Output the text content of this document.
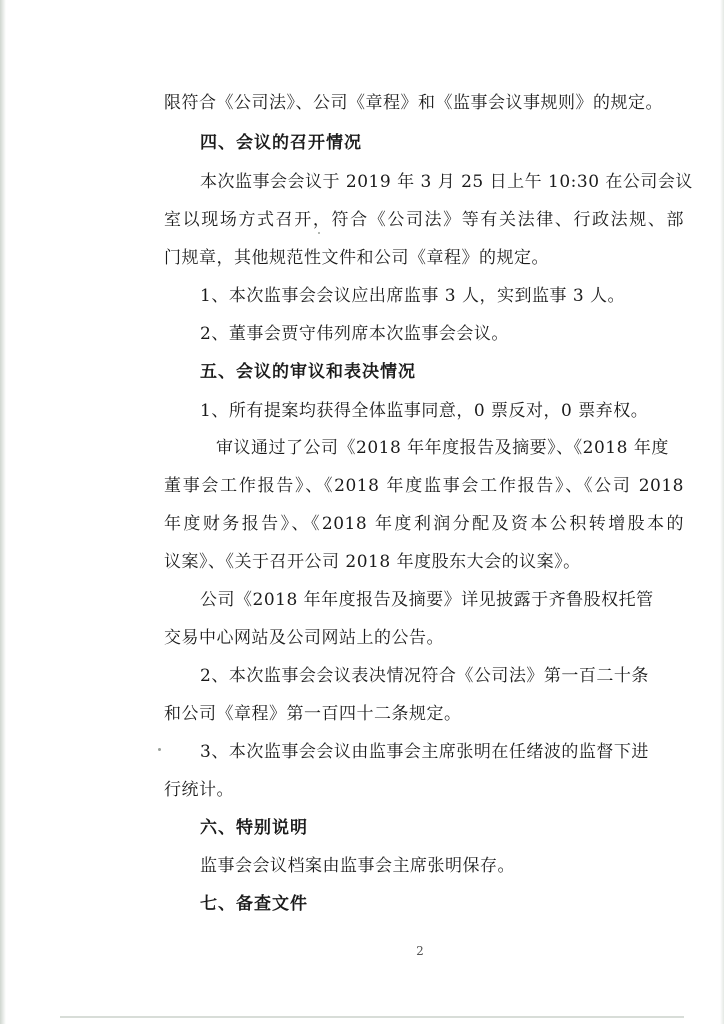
限符合《公司法》、公司《章程》和《监事会议事规则》的规定。
四、会议的召开情况
本次监事会会议于 2019 年 3 月 25 日上午 10:30 在公司会议
室以现场方式召开，符合《公司法》等有关法律、行政法规、部
门规章，其他规范性文件和公司《章程》的规定。
1、本次监事会会议应出席监事 3 人，实到监事 3 人。
2、董事会贾守伟列席本次监事会会议。
五、会议的审议和表决情况
1、所有提案均获得全体监事同意，0 票反对，0 票弃权。
审议通过了公司《2018 年年度报告及摘要》、《2018 年度
董事会工作报告》、《2018 年度监事会工作报告》、《公司 2018
年度财务报告》、《2018 年度利润分配及资本公积转增股本的
议案》、《关于召开公司 2018 年度股东大会的议案》。
公司《2018 年年度报告及摘要》详见披露于齐鲁股权托管
交易中心网站及公司网站上的公告。
2、本次监事会会议表决情况符合《公司法》第一百二十条
和公司《章程》第一百四十二条规定。
3、本次监事会会议由监事会主席张明在任绪波的监督下进
行统计。
六、特别说明
监事会会议档案由监事会主席张明保存。
七、备查文件
2
